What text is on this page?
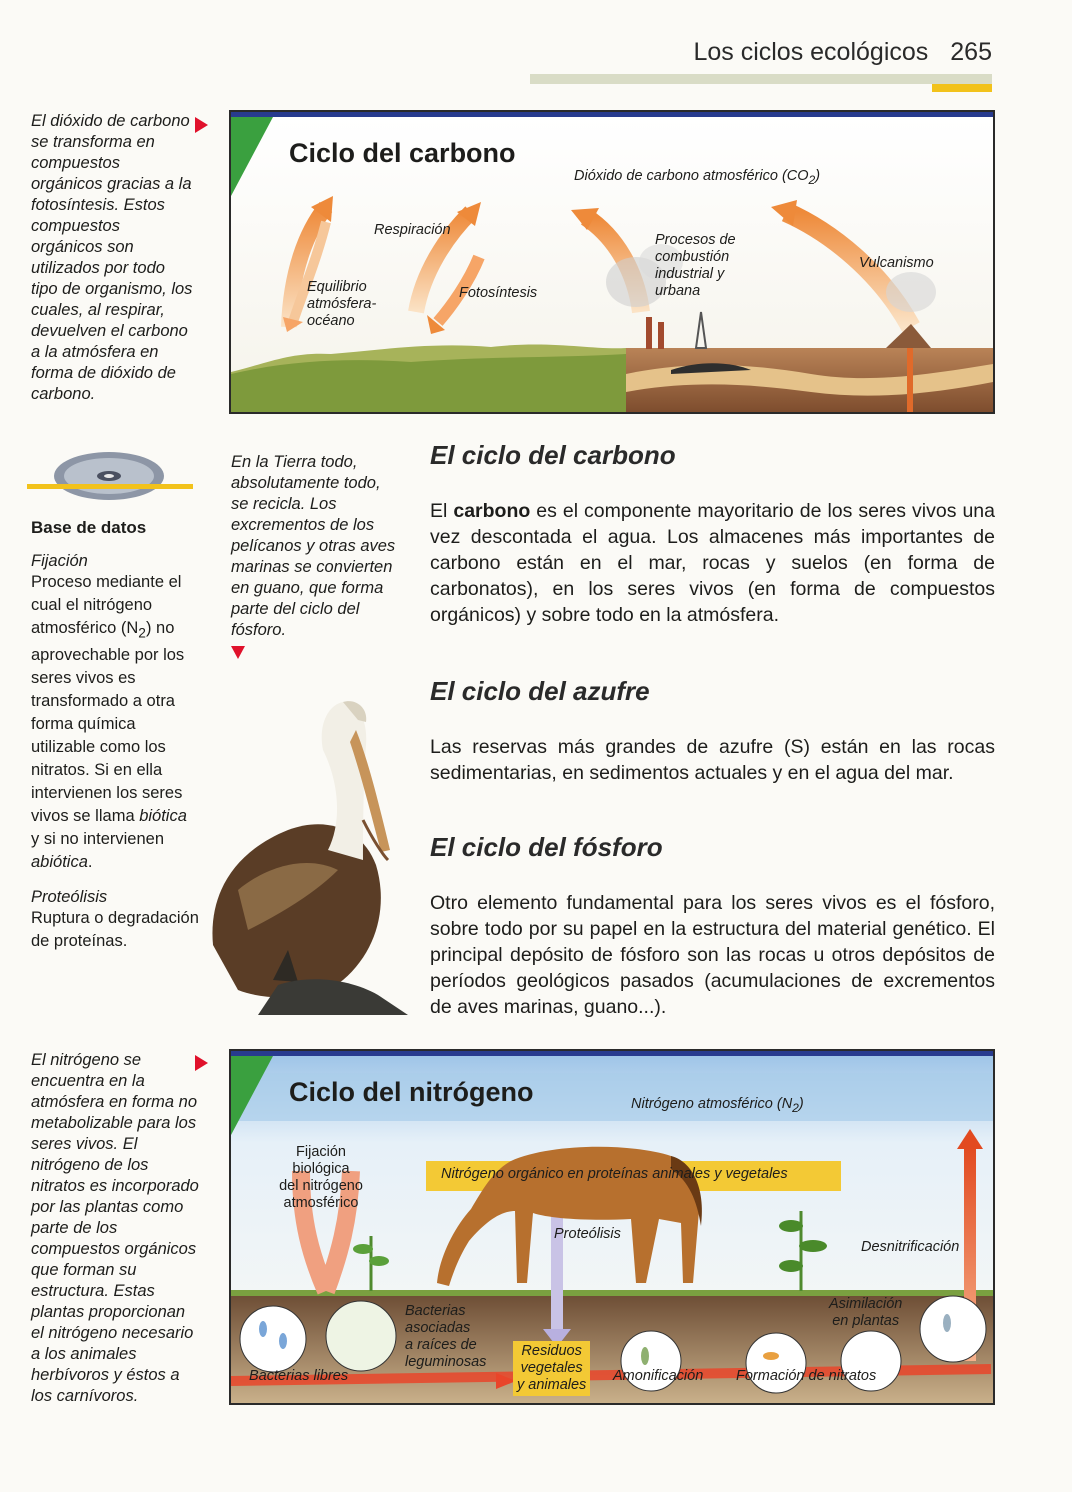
Los ciclos ecológicos 265
El dióxido de carbono se transforma en compuestos orgánicos gracias a la fotosíntesis. Estos compuestos orgánicos son utilizados por todo tipo de organismo, los cuales, al respirar, devuelven el carbono a la atmósfera en forma de dióxido de carbono.
Ciclo del carbono
Dióxido de carbono atmosférico $(CO_2)$
Respiración
Equilibrio
atmósfera-
océano
Fotosíntesis
Procesos de
combustión
industrial y
urbana
Vulcanismo
Base de datos
Fijación
Proceso mediante el cual el nitrógeno atmosférico $(N_2)$ no aprovechable por los seres vivos es transformado a otra forma química utilizable como los nitratos. Si en ella intervienen los seres vivos se llama biótica y si no intervienen abiótica.
Proteólisis
Ruptura o degradación de proteínas.
En la Tierra todo, absolutamente todo, se recicla. Los excrementos de los pelícanos y otras aves marinas se convierten en guano, que forma parte del ciclo del fósforo.
El ciclo del carbono
El carbono es el componente mayoritario de los seres vivos una vez descontada el agua. Los almacenes más importantes de carbono están en el mar, rocas y suelos (en forma de carbonatos), en los seres vivos (en forma de compuestos orgánicos) y sobre todo en la atmósfera.
El ciclo del azufre
Las reservas más grandes de azufre (S) están en las rocas sedimentarias, en sedimentos actuales y en el agua del mar.
El ciclo del fósforo
Otro elemento fundamental para los seres vivos es el fósforo, sobre todo por su papel en la estructura del material genético. El principal depósito de fósforo son las rocas u otros depósitos de períodos geológicos pasados (acumulaciones de excrementos de aves marinas, guano...).
El nitrógeno se encuentra en la atmósfera en forma no metabolizable para los seres vivos. El nitrógeno de los nitratos es incorporado por las plantas como parte de los compuestos orgánicos que forman su estructura. Estas plantas proporcionan el nitrógeno necesario a los animales herbívoros y éstos a los carnívoros.
Ciclo del nitrógeno	Nitrógeno atmosférico $(N_2)$
Fijación
biológica
del nitrógeno
atmosférico
Nitrógeno orgánico en proteínas animales y vegetales
Proteólisis
Desnitrificación
Bacterias
asociadas
a raíces de
leguminosas
Asimilación
en plantas
Bacterias libres
Residuos
vegetales
y animales
Amonificación Formación de nitratos
